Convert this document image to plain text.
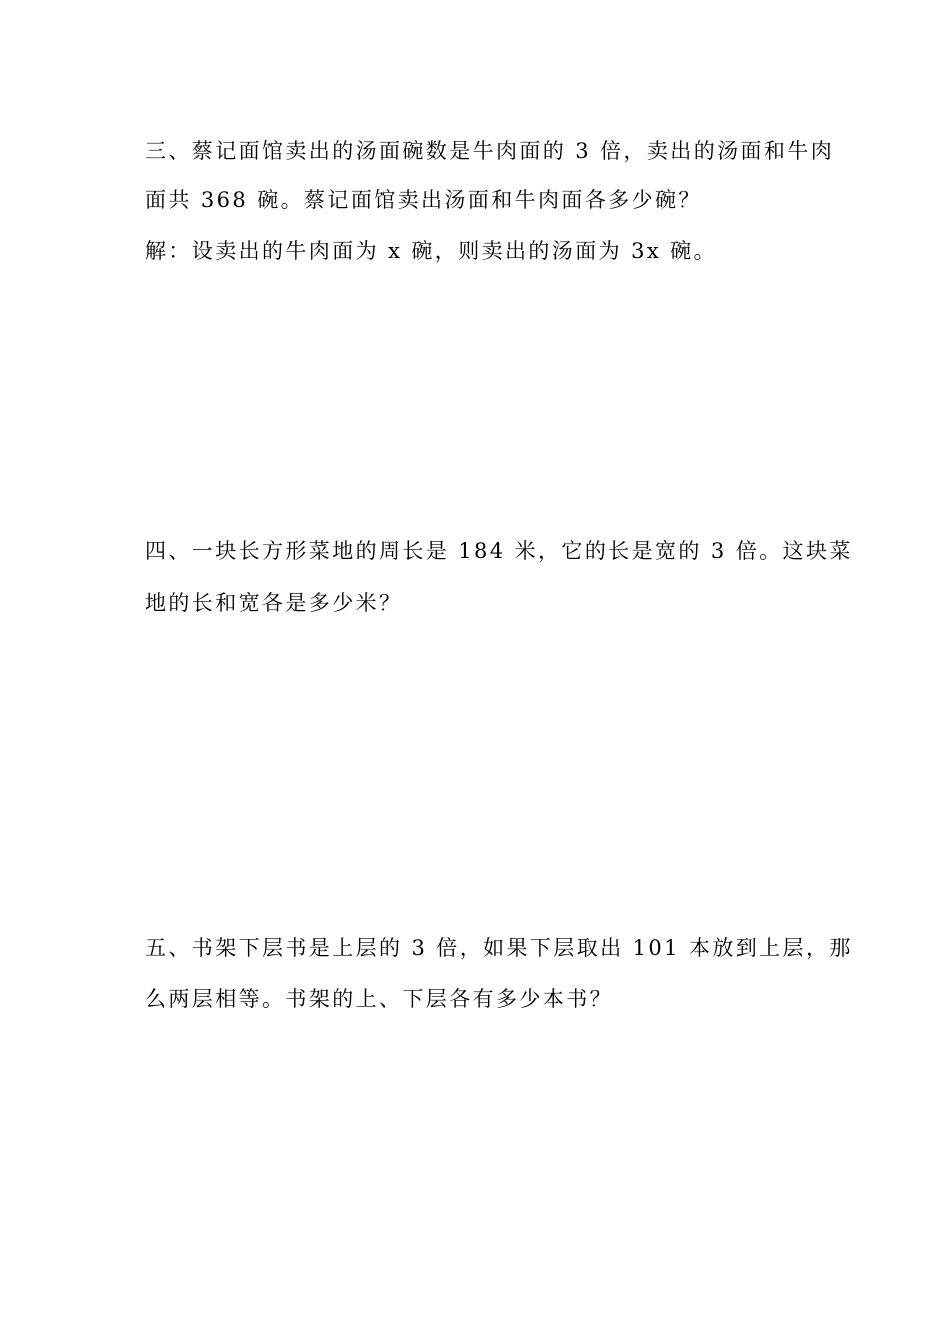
三、蔡记面馆卖出的汤面碗数是牛肉面的 3 倍，卖出的汤面和牛肉
面共 368 碗。蔡记面馆卖出汤面和牛肉面各多少碗？
解：设卖出的牛肉面为 x 碗，则卖出的汤面为 3x 碗。
四、一块长方形菜地的周长是 184 米，它的长是宽的 3 倍。这块菜
地的长和宽各是多少米？
五、书架下层书是上层的 3 倍，如果下层取出 101 本放到上层，那
么两层相等。书架的上、下层各有多少本书？
